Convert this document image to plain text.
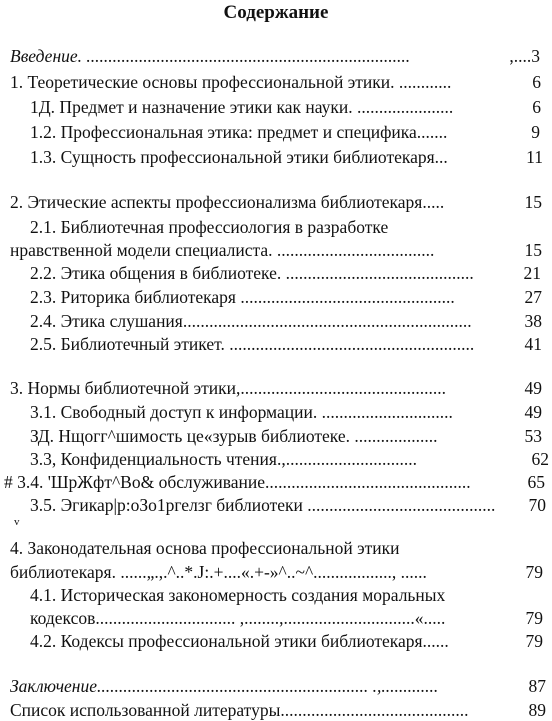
Содержание
Введение. ..........................................................................	,....3
1. Теоретические основы профессиональной этики. ............	6
1Д. Предмет и назначение этики как науки. ......................	6
1.2. Профессиональная этика: предмет и специфика.......	9
1.3. Сущность профессиональной этики библиотекаря...	11
2. Этические аспекты профессионализма библиотекаря.....	15
2.1. Библиотечная профессиология в разработке
нравственной модели специалиста. ....................................	15
2.2. Этика общения в библиотеке. ...........................................	21
2.3. Риторика библиотекаря .................................................	27
2.4. Этика слушания..................................................................	38
2.5. Библиотечный этикет. ........................................................	41
3. Нормы библиотечной этики,...............................................	49
3.1. Свободный доступ к информации. ..............................	49
ЗД. Нщогг^шимость це«зурыв библиотеке. ...................	53
3.3, Конфиденциальность чтения.,..............................	62
# 3.4. 'ШрЖфт^Во& обслуживание...............................................	65
3.5. Эгикар|р:оЗо1ргелзг библиотеки ........................................... 70
v
4. Законодательная основа профессиональной этики
библиотекаря. ......„.,.^..*.J:.+....«.+-»^..~^.................., ......	79
4.1. Историческая закономерность создания моральных
кодексов................................ ,........,..............................«.....	79
4.2. Кодексы профессиональной этики библиотекаря......	79
Заключение.............................................................. .,.............	87
Список использованной литературы...........................................	89
